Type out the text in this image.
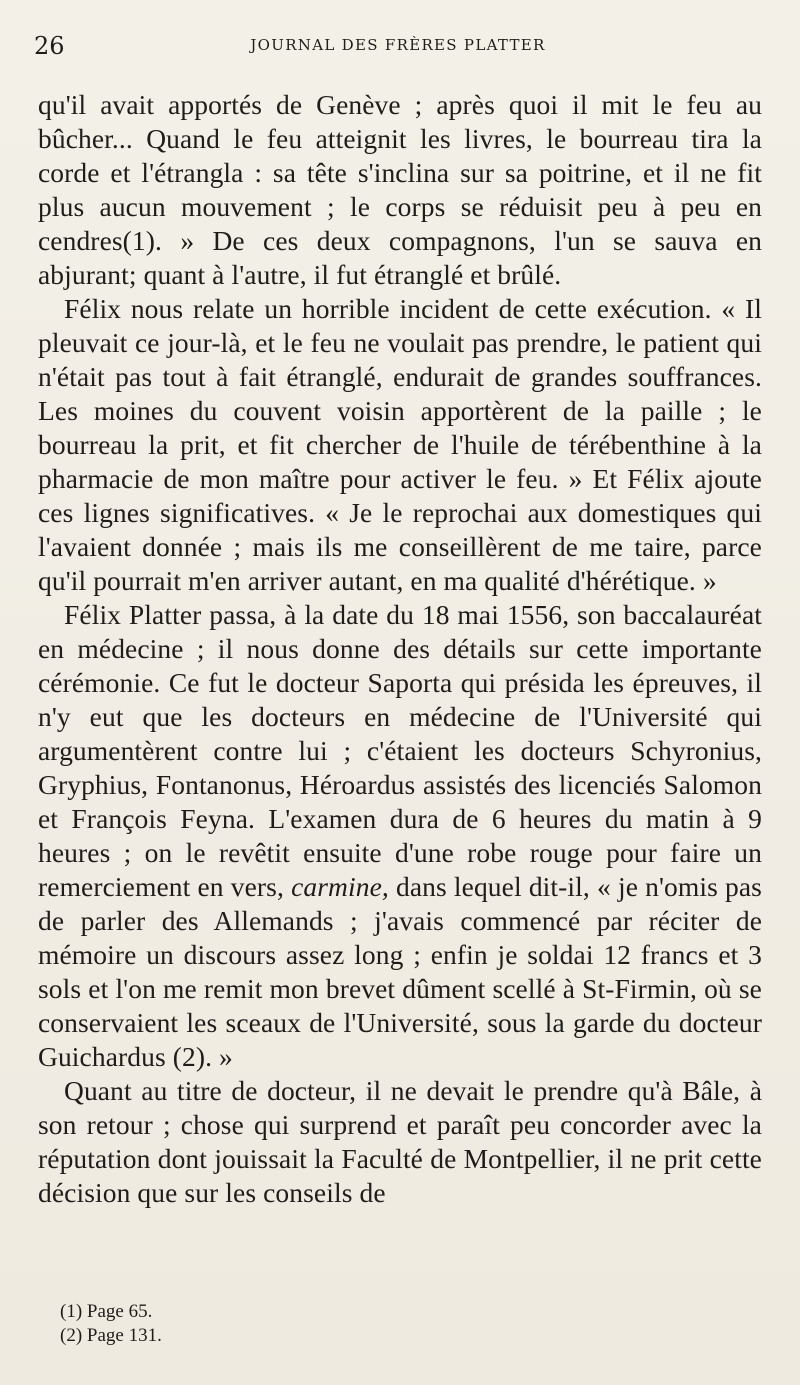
26	JOURNAL DES FRÈRES PLATTER

qu'il avait apportés de Genève ; après quoi il mit le feu au bûcher... Quand le feu atteignit les livres, le bourreau tira la corde et l'étrangla : sa tête s'inclina sur sa poitrine, et il ne fit plus aucun mouvement ; le corps se réduisit peu à peu en cendres(1). » De ces deux compagnons, l'un se sauva en abjurant; quant à l'autre, il fut étranglé et brûlé.

Félix nous relate un horrible incident de cette exécution. « Il pleuvait ce jour-là, et le feu ne voulait pas prendre, le patient qui n'était pas tout à fait étranglé, endurait de grandes souffrances. Les moines du couvent voisin apportèrent de la paille ; le bourreau la prit, et fit chercher de l'huile de térébenthine à la pharmacie de mon maître pour activer le feu. » Et Félix ajoute ces lignes significatives. « Je le reprochai aux domestiques qui l'avaient donnée ; mais ils me conseillèrent de me taire, parce qu'il pourrait m'en arriver autant, en ma qualité d'hérétique. »

Félix Platter passa, à la date du 18 mai 1556, son baccalauréat en médecine ; il nous donne des détails sur cette importante cérémonie. Ce fut le docteur Saporta qui présida les épreuves, il n'y eut que les docteurs en médecine de l'Université qui argumentèrent contre lui ; c'étaient les docteurs Schyronius, Gryphius, Fontanonus, Héroardus assistés des licenciés Salomon et François Feyna. L'examen dura de 6 heures du matin à 9 heures ; on le revêtit ensuite d'une robe rouge pour faire un remerciement en vers, carmine, dans lequel dit-il, « je n'omis pas de parler des Allemands ; j'avais commencé par réciter de mémoire un discours assez long ; enfin je soldai 12 francs et 3 sols et l'on me remit mon brevet dûment scellé à St-Firmin, où se conservaient les sceaux de l'Université, sous la garde du docteur Guichardus (2). »

Quant au titre de docteur, il ne devait le prendre qu'à Bâle, à son retour ; chose qui surprend et paraît peu concorder avec la réputation dont jouissait la Faculté de Montpellier, il ne prit cette décision que sur les conseils de

(1) Page 65.
(2) Page 131.
